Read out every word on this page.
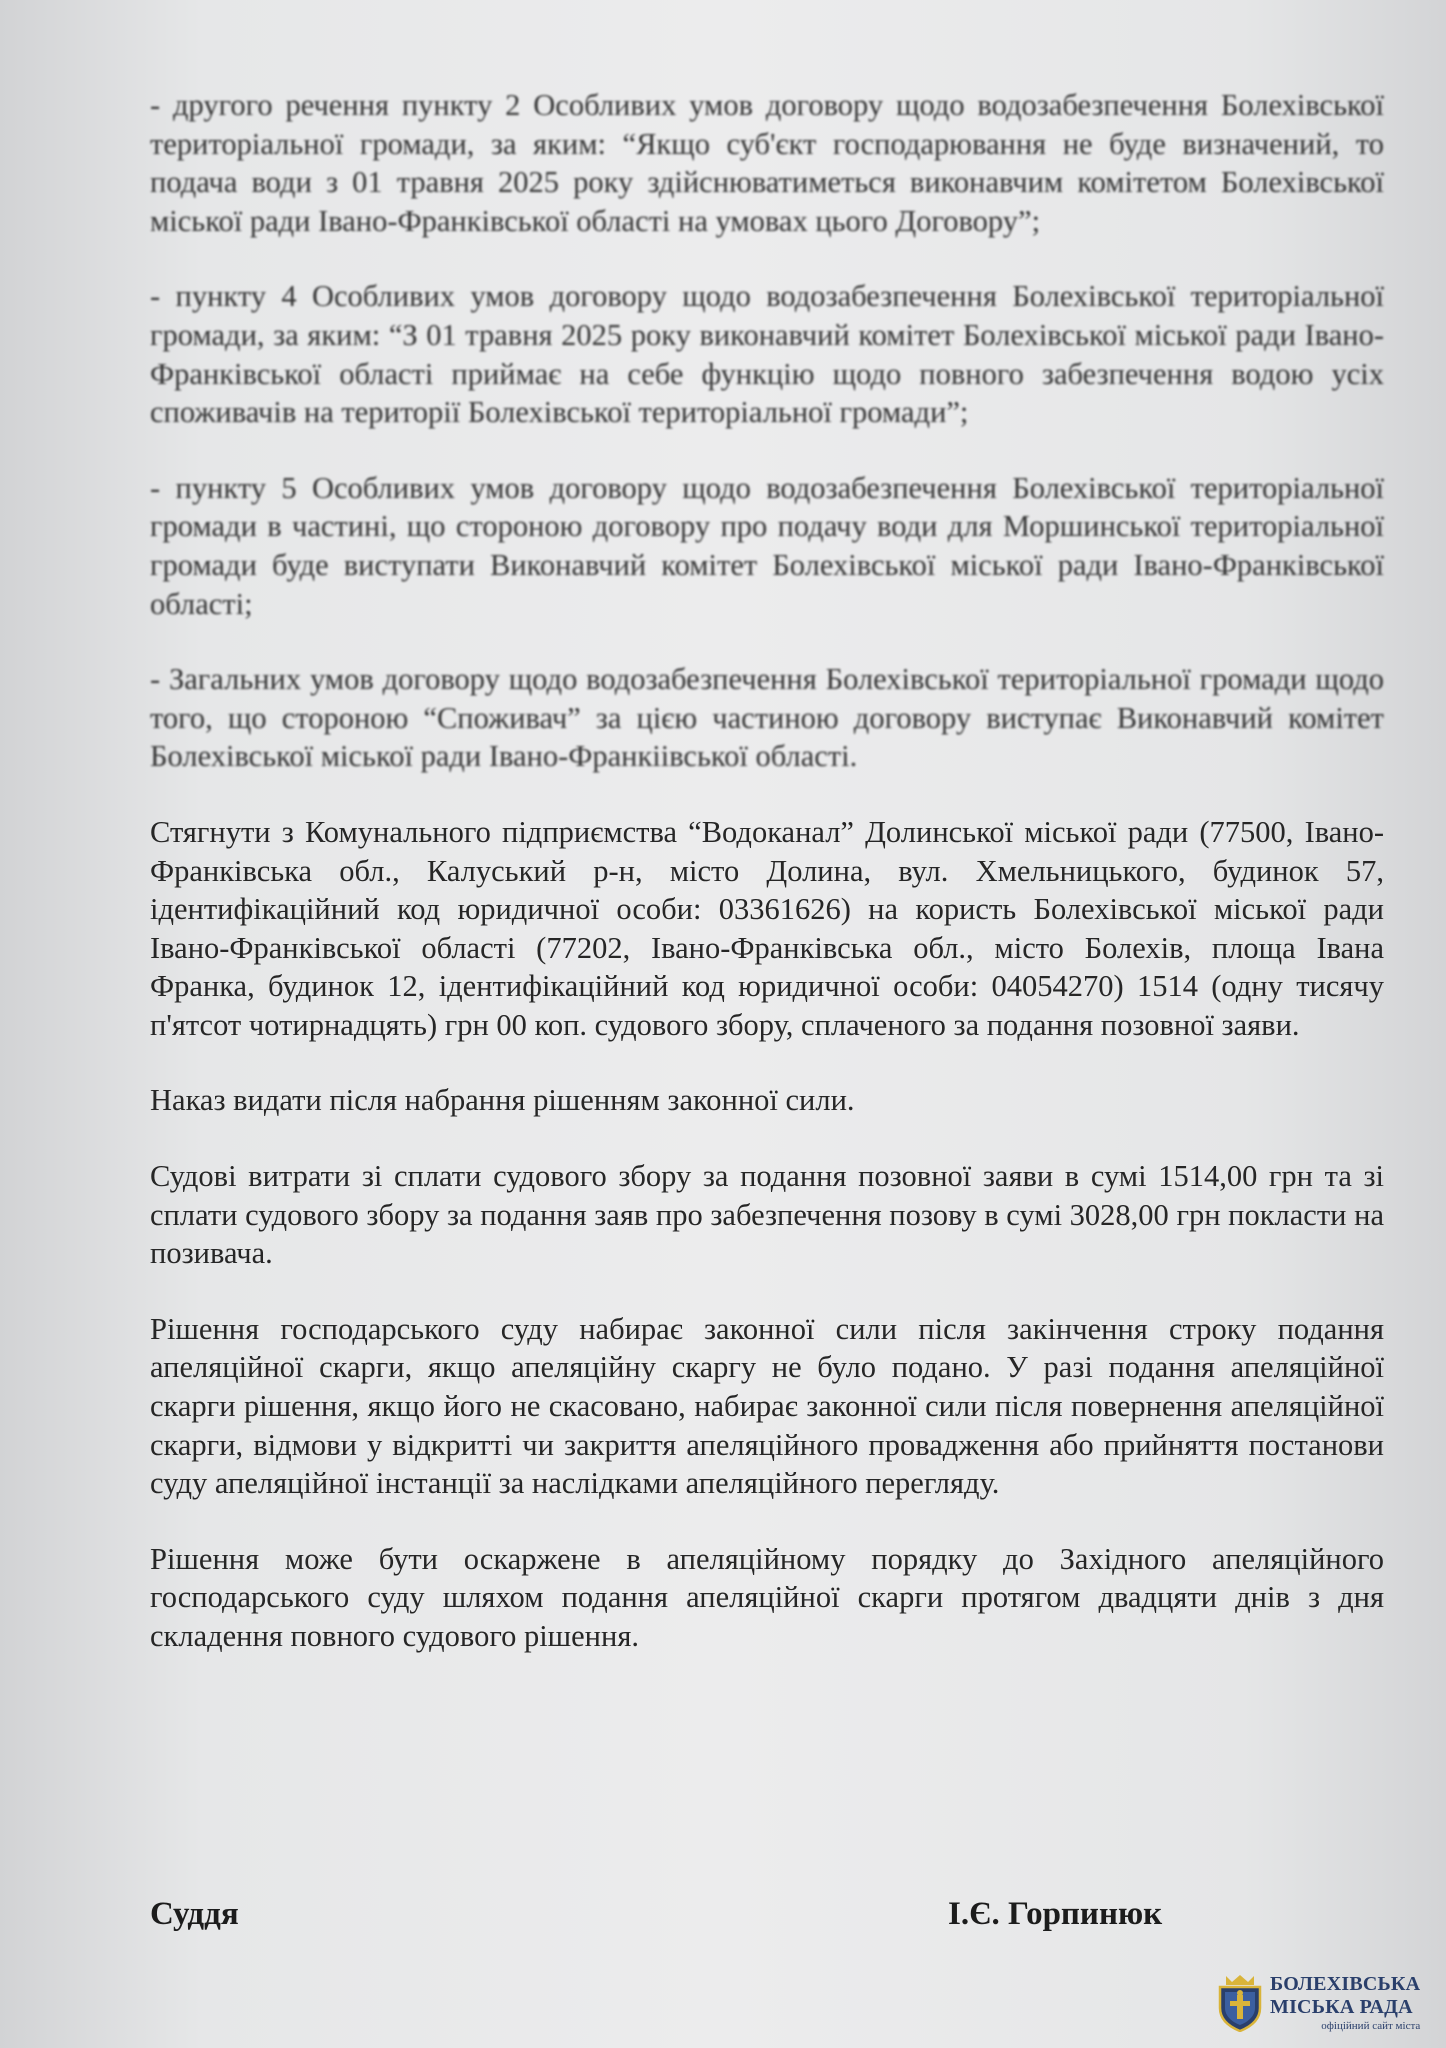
- другого речення пункту 2 Особливих умов договору щодо водозабезпечення Болехівської територіальної громади, за яким: “Якщо суб'єкт господарювання не буде визначений, то подача води з 01 травня 2025 року здійснюватиметься виконавчим комітетом Болехівської міської ради Івано-Франківської області на умовах цього Договору”;

- пункту 4 Особливих умов договору щодо водозабезпечення Болехівської територіальної громади, за яким: “З 01 травня 2025 року виконавчий комітет Болехівської міської ради Івано-Франківської області приймає на себе функцію щодо повного забезпечення водою усіх споживачів на території Болехівської територіальної громади”;

- пункту 5 Особливих умов договору щодо водозабезпечення Болехівської територіальної громади в частині, що стороною договору про подачу води для Моршинської територіальної громади буде виступати Виконавчий комітет Болехівської міської ради Івано-Франківської області;

- Загальних умов договору щодо водозабезпечення Болехівської територіальної громади щодо того, що стороною “Споживач” за цією частиною договору виступає Виконавчий комітет Болехівської міської ради Івано-Франкіівської області.

Стягнути з Комунального підприємства “Водоканал” Долинської міської ради (77500, Івано-Франківська обл., Калуський р-н, місто Долина, вул. Хмельницького, будинок 57, ідентифікаційний код юридичної особи: 03361626) на користь Болехівської міської ради Івано-Франківської області (77202, Івано-Франківська обл., місто Болехів, площа Івана Франка, будинок 12, ідентифікаційний код юридичної особи: 04054270) 1514 (одну тисячу п'ятсот чотирнадцять) грн 00 коп. судового збору, сплаченого за подання позовної заяви.

Наказ видати після набрання рішенням законної сили.

Судові витрати зі сплати судового збору за подання позовної заяви в сумі 1514,00 грн та зі сплати судового збору за подання заяв про забезпечення позову в сумі 3028,00 грн покласти на позивача.

Рішення господарського суду набирає законної сили після закінчення строку подання апеляційної скарги, якщо апеляційну скаргу не було подано. У разі подання апеляційної скарги рішення, якщо його не скасовано, набирає законної сили після повернення апеляційної скарги, відмови у відкритті чи закриття апеляційного провадження або прийняття постанови суду апеляційної інстанції за наслідками апеляційного перегляду.

Рішення може бути оскаржене в апеляційному порядку до Західного апеляційного господарського суду шляхом подання апеляційної скарги протягом двадцяти днів з дня складення повного судового рішення.

Суддя	І.Є. Горпинюк
БОЛЕХІВСЬКА
МІСЬКА РАДА
офіційний сайт міста
